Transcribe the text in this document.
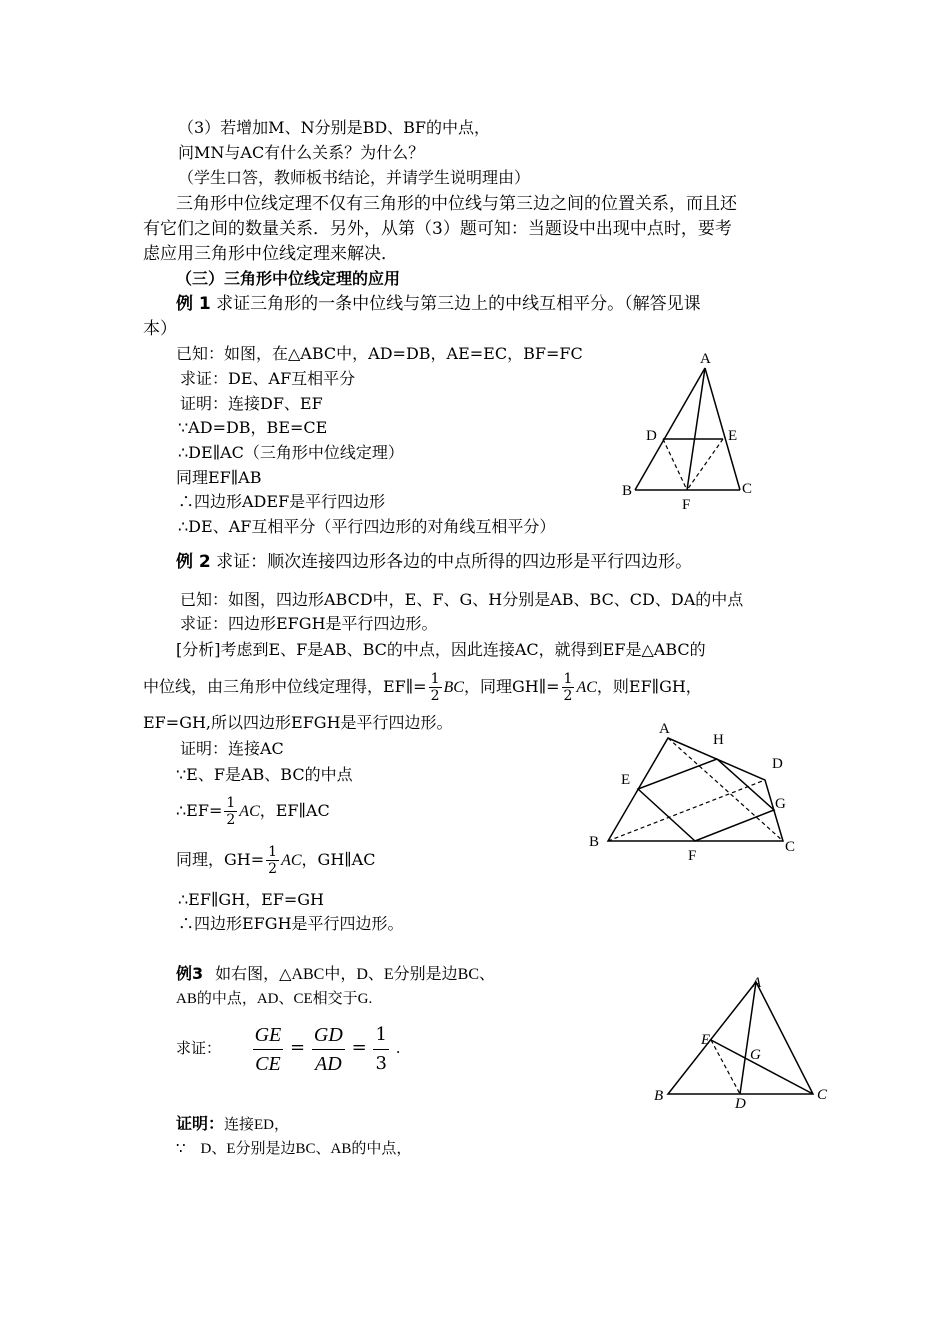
（3）若增加M、N分别是BD、BF的中点，
问MN与AC有什么关系？为什么？
（学生口答，教师板书结论，并请学生说明理由）
三角形中位线定理不仅有三角形的中位线与第三边之间的位置关系，而且还
有它们之间的数量关系．另外，从第（3）题可知：当题设中出现中点时，要考
虑应用三角形中位线定理来解决．
（三）三角形中位线定理的应用
例 1 求证三角形的一条中位线与第三边上的中线互相平分。（解答见课
本）
已知：如图，在△ABC中，AD=DB，AE=EC，BF=FC
求证：DE、AF互相平分
证明：连接DF、EF
∵AD=DB，BE=CE
∴DE∥AC（三角形中位线定理）
同理EF∥AB
∴四边形ADEF是平行四边形
∴DE、AF互相平分（平行四边形的对角线互相平分）
A
B	C
D	E
F
例 2 求证：顺次连接四边形各边的中点所得的四边形是平行四边形。
已知：如图，四边形ABCD中，E、F、G、H分别是AB、BC、CD、DA的中点
求证：四边形EFGH是平行四边形。
[分析]考虑到E、F是AB、BC的中点，因此连接AC，就得到EF是△ABC的
中位线，由三角形中位线定理得，EF∥= $\frac{1}{2}$ BC，同理GH∥= $\frac{1}{2}$ AC，则EF∥GH，
EF=GH,所以四边形EFGH是平行四边形。
证明：连接AC
∵E、F是AB、BC的中点
∴EF= $\frac{1}{2}$ AC，EF∥AC
同理，$GH= \frac{1}{2}$ AC，GH∥AC
∴EF∥GH，EF=GH
∴四边形EFGH是平行四边形。
A
H
D
E
G
B
F
C
例3 如右图，△ABC中，D、E分别是边BC、
AB的中点，AD、CE相交于G.
求证： $\frac{GE}{CE} = \frac{GD}{AD} = \frac{1}{3}$ .
证明：连接ED，
∵　D、E分别是边BC、AB的中点，
A
E
G
B	D
C
